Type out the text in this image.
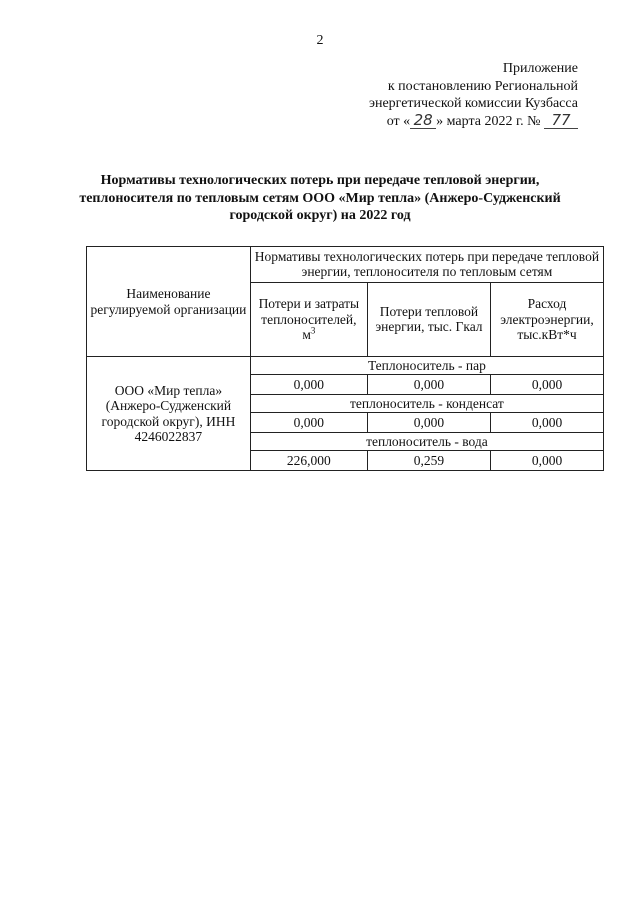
2
Приложение
к постановлению Региональной
энергетической комиссии Кузбасса
от « 28 » марта 2022 г. № 77
Нормативы технологических потерь при передаче тепловой энергии,
теплоносителя по тепловым сетям ООО «Мир тепла» (Анжеро-Судженский
городской округ) на 2022 год
Наименование регулируемой организации	Нормативы технологических потерь при передаче тепловой энергии, теплоносителя по тепловым сетям		
	Потери и затраты теплоносителей, $м^3$	Потери тепловой энергии, тыс. Гкал	Расход электроэнергии, тыс.кВт*ч
ООО «Мир тепла» (Анжеро-Судженский городской округ), ИНН 4246022837	Теплоноситель - пар		
	0,000	0,000	0,000
	теплоноситель - конденсат		
	0,000	0,000	0,000
	теплоноситель - вода		
	226,000	0,259	0,000
